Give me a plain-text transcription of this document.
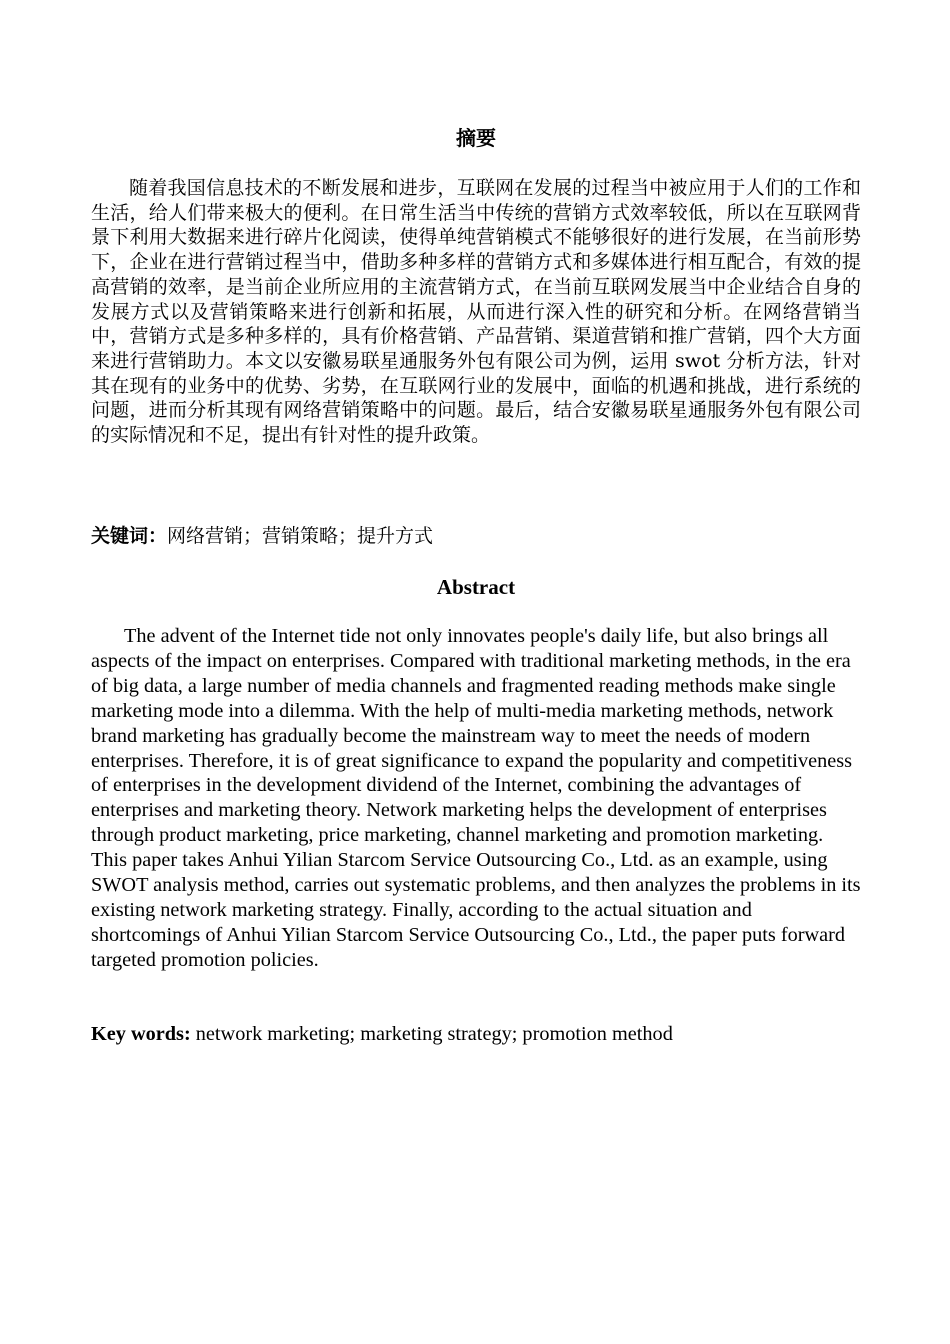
摘要

随着我国信息技术的不断发展和进步，互联网在发展的过程当中被应用于人们的工作和生活，给人们带来极大的便利。在日常生活当中传统的营销方式效率较低，所以在互联网背景下利用大数据来进行碎片化阅读，使得单纯营销模式不能够很好的进行发展，在当前形势下，企业在进行营销过程当中，借助多种多样的营销方式和多媒体进行相互配合，有效的提高营销的效率，是当前企业所应用的主流营销方式，在当前互联网发展当中企业结合自身的发展方式以及营销策略来进行创新和拓展，从而进行深入性的研究和分析。在网络营销当中，营销方式是多种多样的，具有价格营销、产品营销、渠道营销和推广营销，四个大方面来进行营销助力。本文以安徽易联星通服务外包有限公司为例，运用 swot 分析方法，针对其在现有的业务中的优势、劣势，在互联网行业的发展中，面临的机遇和挑战，进行系统的问题，进而分析其现有网络营销策略中的问题。最后，结合安徽易联星通服务外包有限公司的实际情况和不足，提出有针对性的提升政策。

关键词：网络营销；营销策略；提升方式

Abstract

The advent of the Internet tide not only innovates people's daily life, but also brings all aspects of the impact on enterprises. Compared with traditional marketing methods, in the era of big data, a large number of media channels and fragmented reading methods make single marketing mode into a dilemma. With the help of multi-media marketing methods, network brand marketing has gradually become the mainstream way to meet the needs of modern enterprises. Therefore, it is of great significance to expand the popularity and competitiveness of enterprises in the development dividend of the Internet, combining the advantages of enterprises and marketing theory. Network marketing helps the development of enterprises through product marketing, price marketing, channel marketing and promotion marketing. This paper takes Anhui Yilian Starcom Service Outsourcing Co., Ltd. as an example, using SWOT analysis method, carries out systematic problems, and then analyzes the problems in its existing network marketing strategy. Finally, according to the actual situation and shortcomings of Anhui Yilian Starcom Service Outsourcing Co., Ltd., the paper puts forward targeted promotion policies.

Key words: network marketing; marketing strategy; promotion method
